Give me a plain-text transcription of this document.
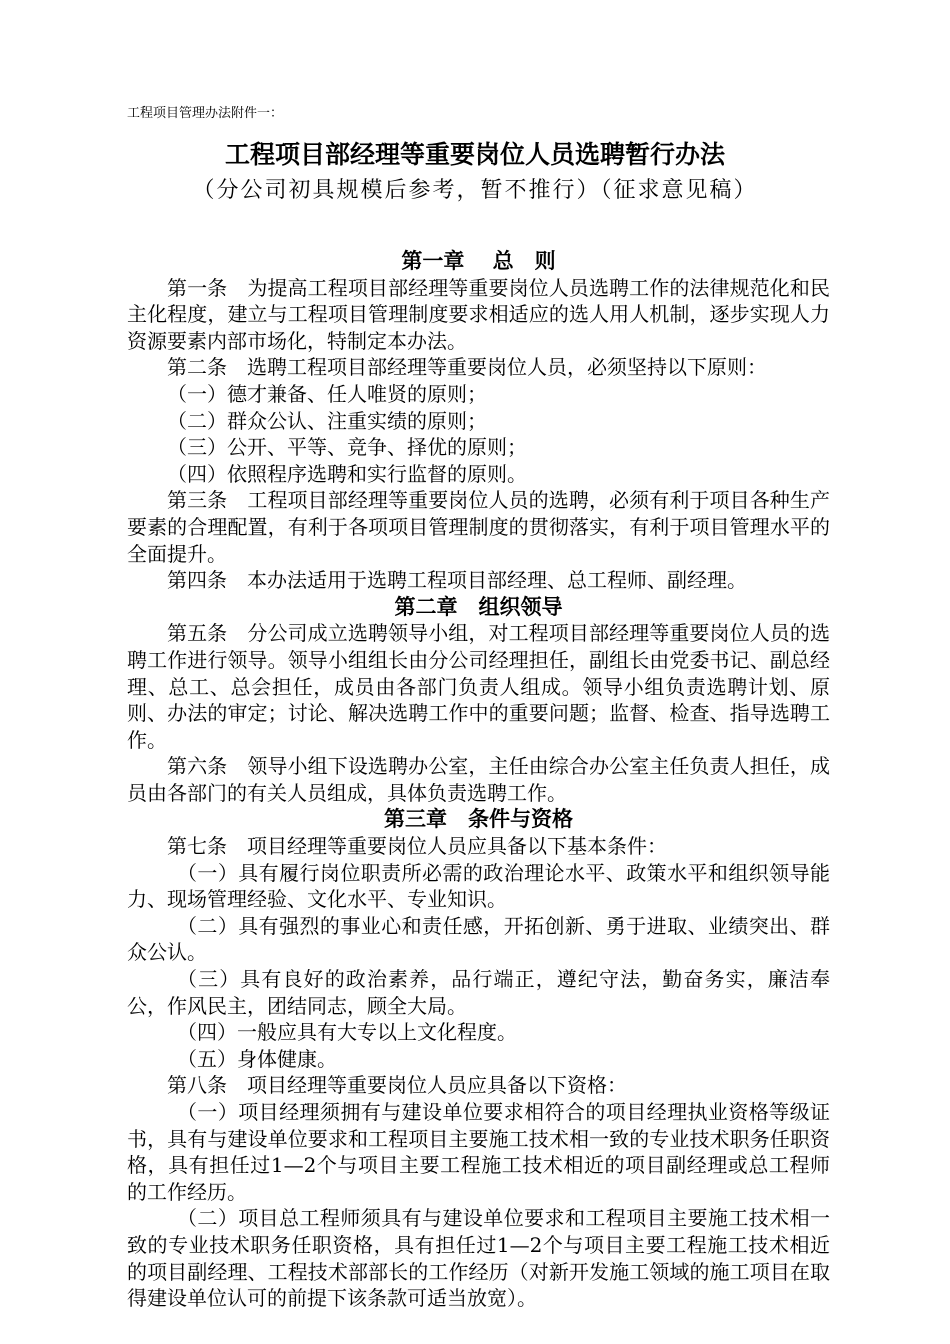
工程项目管理办法附件一：
工程项目部经理等重要岗位人员选聘暂行办法
（分公司初具规模后参考，暂不推行）（征求意见稿）
第一章　 总　则

第一条　为提高工程项目部经理等重要岗位人员选聘工作的法律规范化和民主化程度，建立与工程项目管理制度要求相适应的选人用人机制，逐步实现人力资源要素内部市场化，特制定本办法。

第二条　选聘工程项目部经理等重要岗位人员，必须坚持以下原则：

（一）德才兼备、任人唯贤的原则；

（二）群众公认、注重实绩的原则；

（三）公开、平等、竞争、择优的原则；

（四）依照程序选聘和实行监督的原则。

第三条　工程项目部经理等重要岗位人员的选聘，必须有利于项目各种生产要素的合理配置，有利于各项项目管理制度的贯彻落实，有利于项目管理水平的全面提升。

第四条　本办法适用于选聘工程项目部经理、总工程师、副经理。

第二章　组织领导

第五条　分公司成立选聘领导小组，对工程项目部经理等重要岗位人员的选聘工作进行领导。领导小组组长由分公司经理担任，副组长由党委书记、副总经理、总工、总会担任，成员由各部门负责人组成。领导小组负责选聘计划、原则、办法的审定；讨论、解决选聘工作中的重要问题；监督、检查、指导选聘工作。

第六条　领导小组下设选聘办公室，主任由综合办公室主任负责人担任，成员由各部门的有关人员组成，具体负责选聘工作。

第三章　条件与资格

第七条　项目经理等重要岗位人员应具备以下基本条件：

（一）具有履行岗位职责所必需的政治理论水平、政策水平和组织领导能力、现场管理经验、文化水平、专业知识。

（二）具有强烈的事业心和责任感，开拓创新、勇于进取、业绩突出、群众公认。

（三）具有良好的政治素养，品行端正，遵纪守法，勤奋务实，廉洁奉公，作风民主，团结同志，顾全大局。

（四）一般应具有大专以上文化程度。

（五）身体健康。

第八条　项目经理等重要岗位人员应具备以下资格：

（一）项目经理须拥有与建设单位要求相符合的项目经理执业资格等级证书，具有与建设单位要求和工程项目主要施工技术相一致的专业技术职务任职资格，具有担任过1—2个与项目主要工程施工技术相近的项目副经理或总工程师的工作经历。

（二）项目总工程师须具有与建设单位要求和工程项目主要施工技术相一致的专业技术职务任职资格，具有担任过1—2个与项目主要工程施工技术相近的项目副经理、工程技术部部长的工作经历（对新开发施工领域的施工项目在取得建设单位认可的前提下该条款可适当放宽）。
